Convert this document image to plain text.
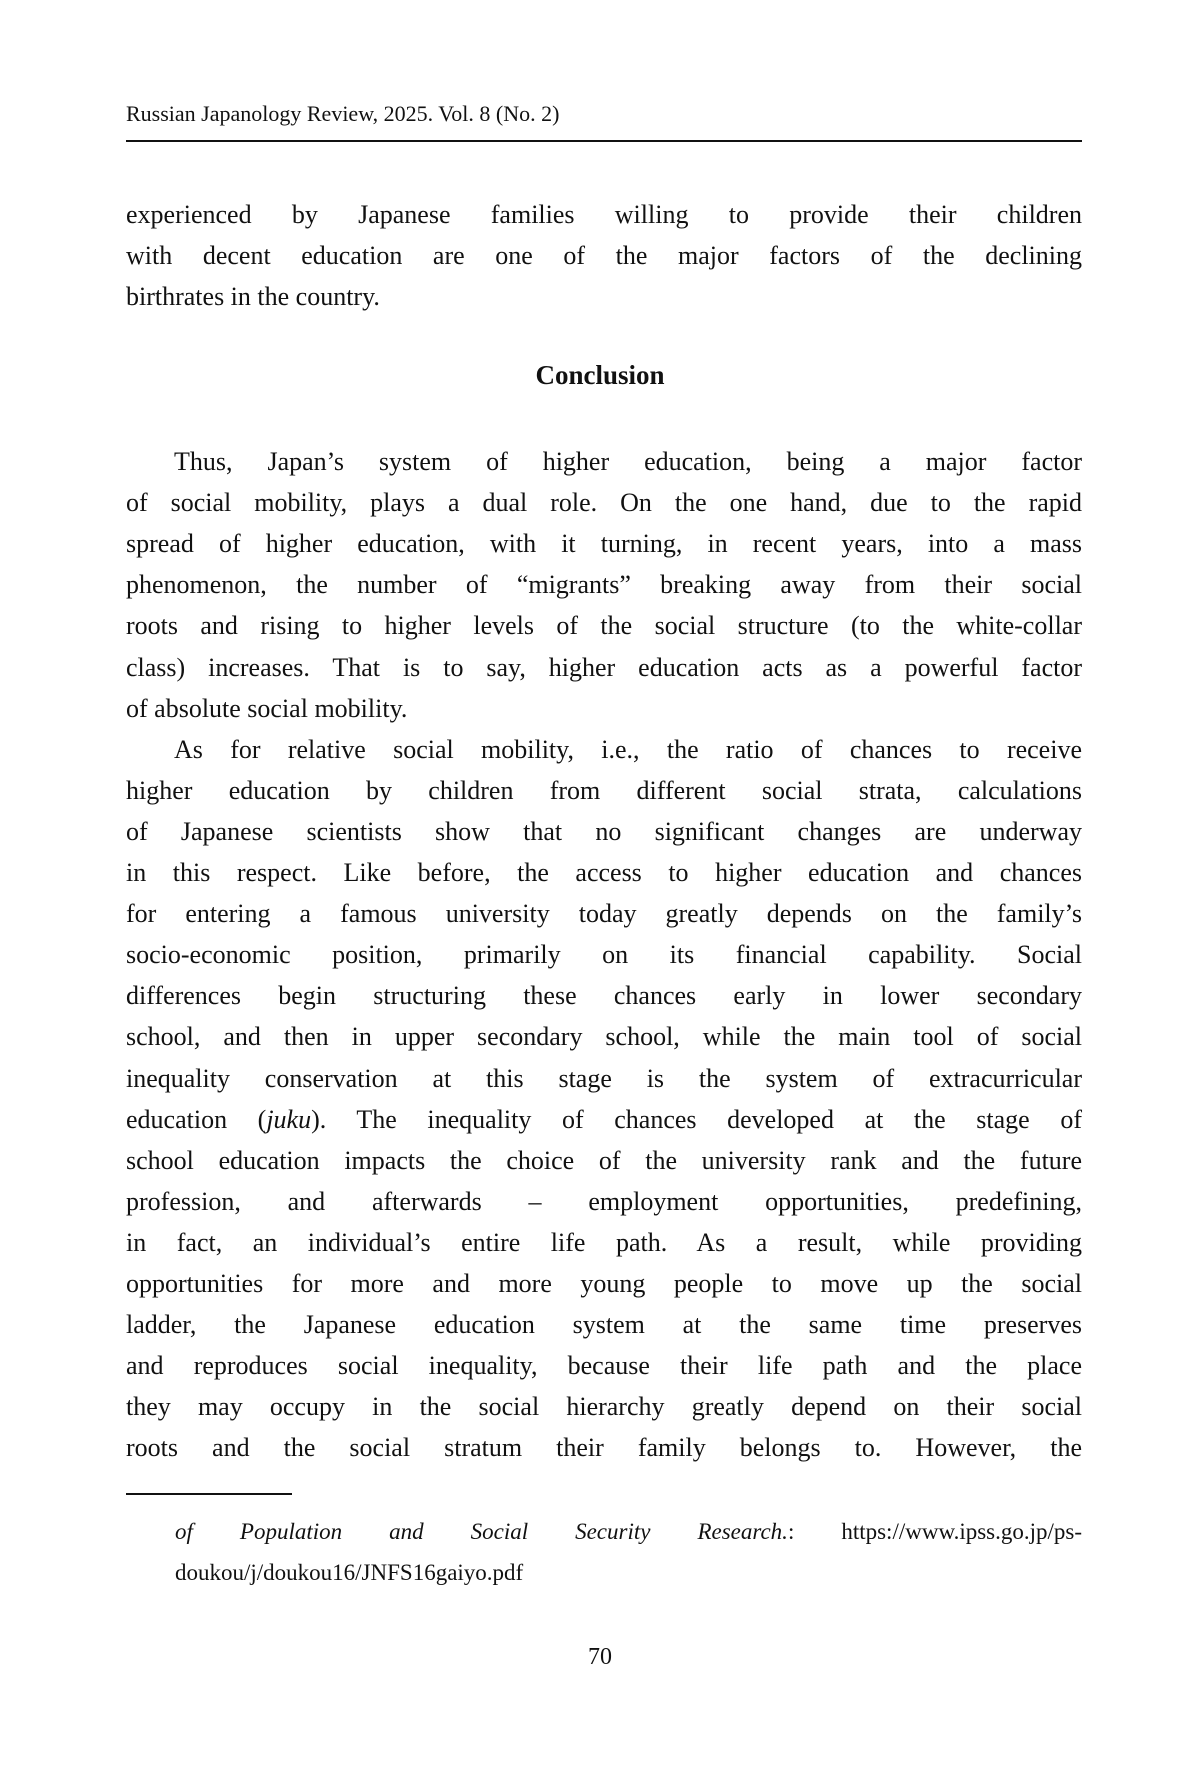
Russian Japanology Review, 2025. Vol. 8 (No. 2)
experienced by Japanese families willing to provide their children
with decent education are one of the major factors of the declining
birthrates in the country.
Conclusion
Thus, Japan’s system of higher education, being a major factor
of social mobility, plays a dual role. On the one hand, due to the rapid
spread of higher education, with it turning, in recent years, into a mass
phenomenon, the number of “migrants” breaking away from their social
roots and rising to higher levels of the social structure (to the white-collar
class) increases. That is to say, higher education acts as a powerful factor
of absolute social mobility.
As for relative social mobility, i.e., the ratio of chances to receive
higher education by children from different social strata, calculations
of Japanese scientists show that no significant changes are underway
in this respect. Like before, the access to higher education and chances
for entering a famous university today greatly depends on the family’s
socio-economic position, primarily on its financial capability. Social
differences begin structuring these chances early in lower secondary
school, and then in upper secondary school, while the main tool of social
inequality conservation at this stage is the system of extracurricular
education (juku). The inequality of chances developed at the stage of
school education impacts the choice of the university rank and the future
profession, and afterwards – employment opportunities, predefining,
in fact, an individual’s entire life path. As a result, while providing
opportunities for more and more young people to move up the social
ladder, the Japanese education system at the same time preserves
and reproduces social inequality, because their life path and the place
they may occupy in the social hierarchy greatly depend on their social
roots and the social stratum their family belongs to. However, the
of Population and Social Security Research.: https://www.ipss.go.jp/ps-
doukou/j/doukou16/JNFS16gaiyo.pdf
70
